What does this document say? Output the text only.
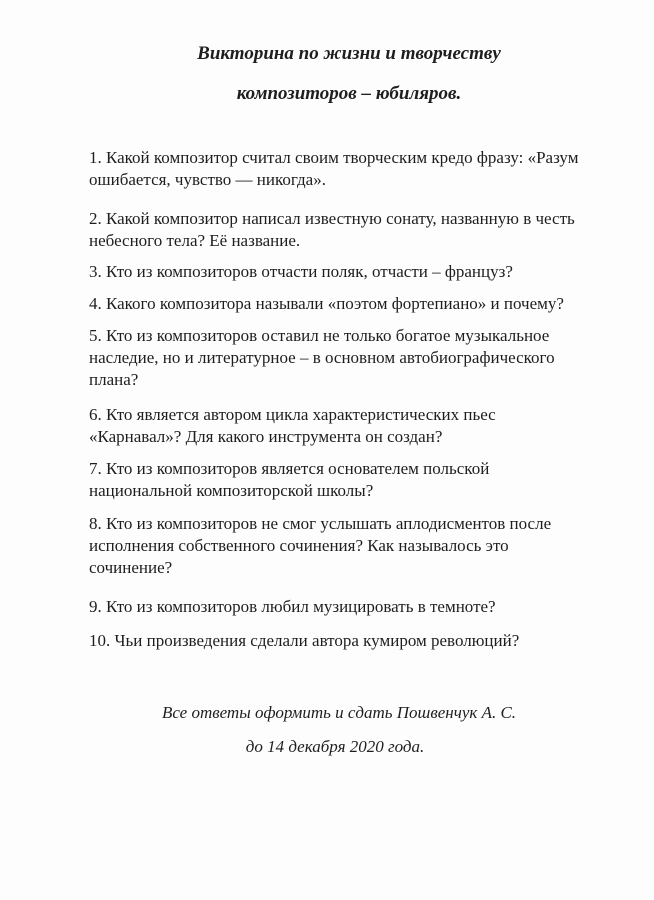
Викторина по жизни и творчеству
композиторов – юбиляров.
1. Какой композитор считал своим творческим кредо фразу: «Разум
ошибается, чувство — никогда».
2. Какой композитор написал известную сонату, названную в честь
небесного тела? Её название.
3. Кто из композиторов отчасти поляк, отчасти – француз?
4. Какого композитора называли «поэтом фортепиано» и почему?
5. Кто из композиторов оставил не только богатое музыкальное
наследие, но и литературное – в основном автобиографического
плана?
6. Кто является автором цикла характеристических пьес
«Карнавал»? Для какого инструмента он создан?
7. Кто из композиторов является основателем польской
национальной композиторской школы?
8. Кто из композиторов не смог услышать аплодисментов после
исполнения собственного сочинения? Как называлось это
сочинение?
9. Кто из композиторов любил музицировать в темноте?
10. Чьи произведения сделали автора кумиром революций?
Все ответы оформить и сдать Пошвенчук А. С.
до 14 декабря 2020 года.
